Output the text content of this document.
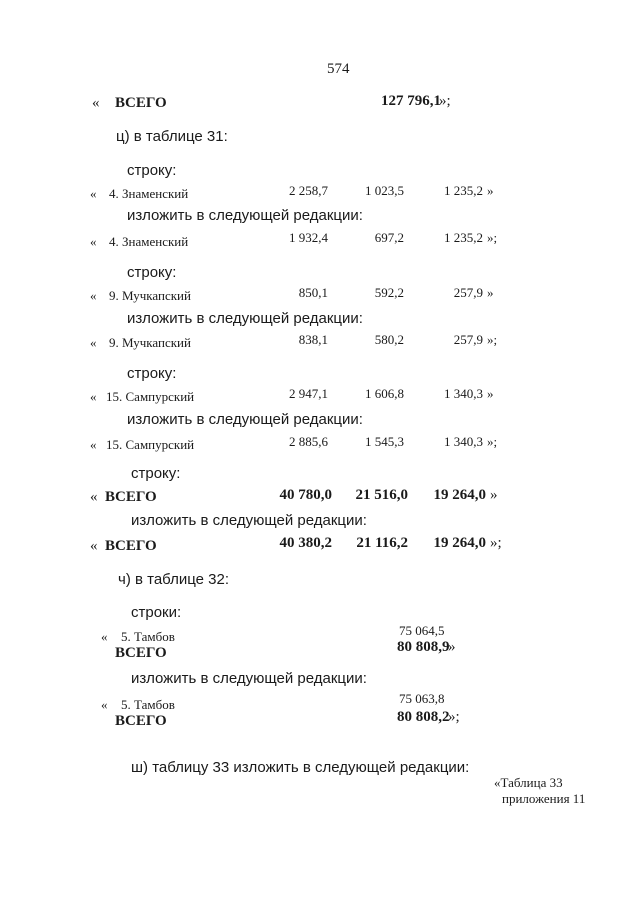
574
« ВСЕГО	127 796,1
»;
ц) в таблице 31:
строку:
« 4. Знаменский	2 258,7	1 023,5	1 235,2 »
изложить в следующей редакции:
« 4. Знаменский	1 932,4	697,2	1 235,2 »;
строку:
« 9. Мучкапский	850,1	592,2	257,9 »
изложить в следующей редакции:
« 9. Мучкапский	838,1	580,2	257,9 »;
строку:
« 15. Сампурский	2 947,1	1 606,8	1 340,3 »
изложить в следующей редакции:
« 15. Сампурский	2 885,6	1 545,3	1 340,3 »;
строку:
« ВСЕГО	40 780,0	21 516,0	19 264,0 »
изложить в следующей редакции:
« ВСЕГО	40 380,2	21 116,2	19 264,0 »;
ч) в таблице 32:
строки:
« 5. Тамбов	75 064,5
ВСЕГО	80 808,9
»
изложить в следующей редакции:
« 5. Тамбов	75 063,8
ВСЕГО	80 808,2
»;
ш) таблицу 33 изложить в следующей редакции:
«Таблица 33
приложения 11
